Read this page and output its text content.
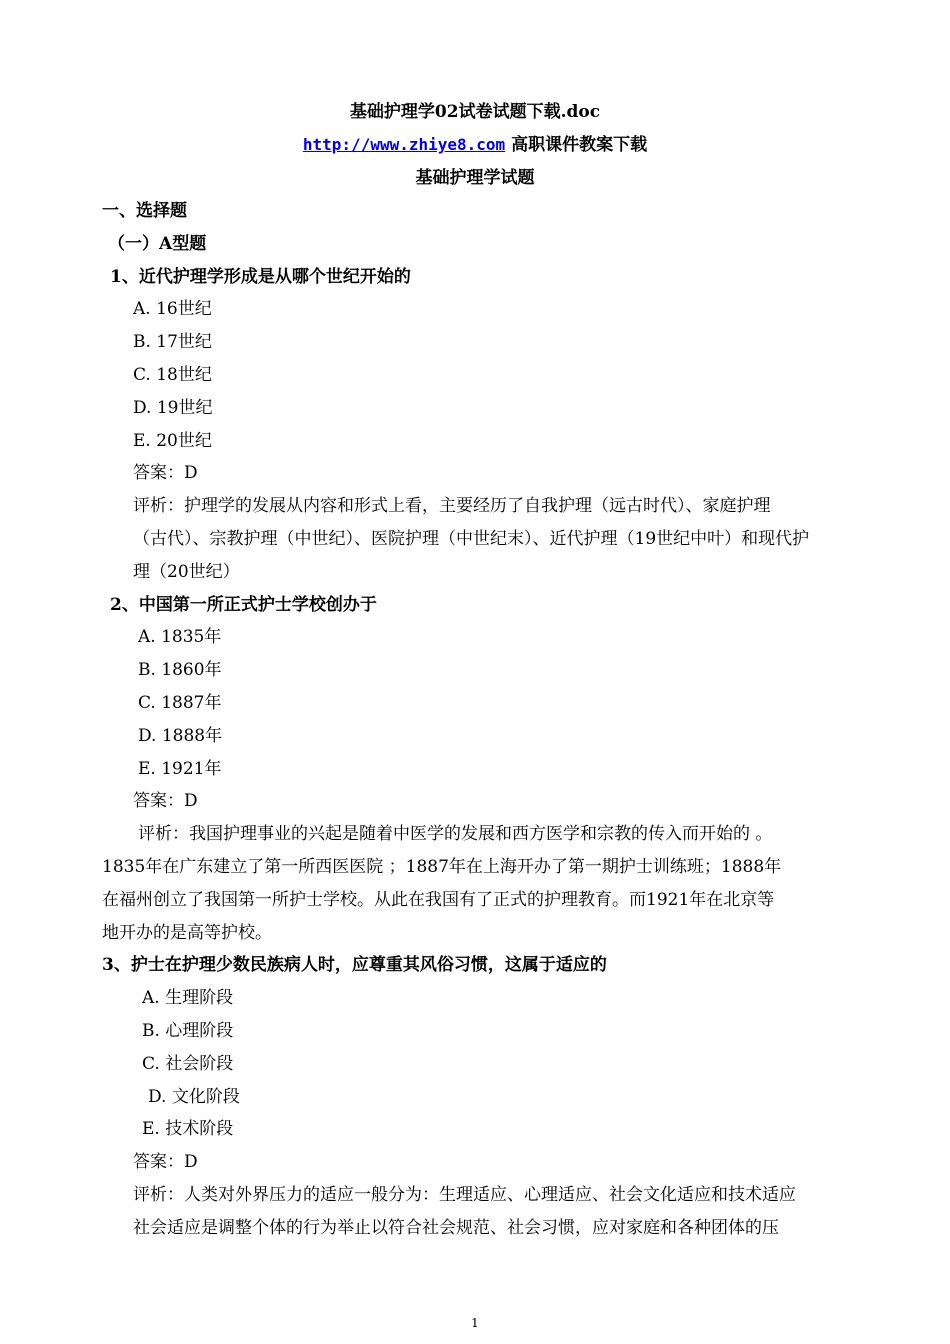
基础护理学02试卷试题下载.doc
http://www.zhiye8.com 高职课件教案下载
基础护理学试题
一、选择题
（一）A型题
1、近代护理学形成是从哪个世纪开始的
A. 16世纪
B. 17世纪
C. 18世纪
D. 19世纪
E. 20世纪
答案：D
评析：护理学的发展从内容和形式上看，主要经历了自我护理（远古时代）、家庭护理
（古代）、宗教护理（中世纪）、医院护理（中世纪末）、近代护理（19世纪中叶）和现代护
理（20世纪）
2、中国第一所正式护士学校创办于
A. 1835年
B. 1860年
C. 1887年
D. 1888年
E. 1921年
答案：D
评析：我国护理事业的兴起是随着中医学的发展和西方医学和宗教的传入而开始的 。
1835年在广东建立了第一所西医医院 ；1887年在上海开办了第一期护士训练班；1888年
在福州创立了我国第一所护士学校。从此在我国有了正式的护理教育。而1921年在北京等
地开办的是高等护校。
3、护士在护理少数民族病人时，应尊重其风俗习惯，这属于适应的
A. 生理阶段
B. 心理阶段
C. 社会阶段
D. 文化阶段
E. 技术阶段
答案：D
评析：人类对外界压力的适应一般分为：生理适应、心理适应、社会文化适应和技术适应
社会适应是调整个体的行为举止以符合社会规范、社会习惯，应对家庭和各种团体的压
1
